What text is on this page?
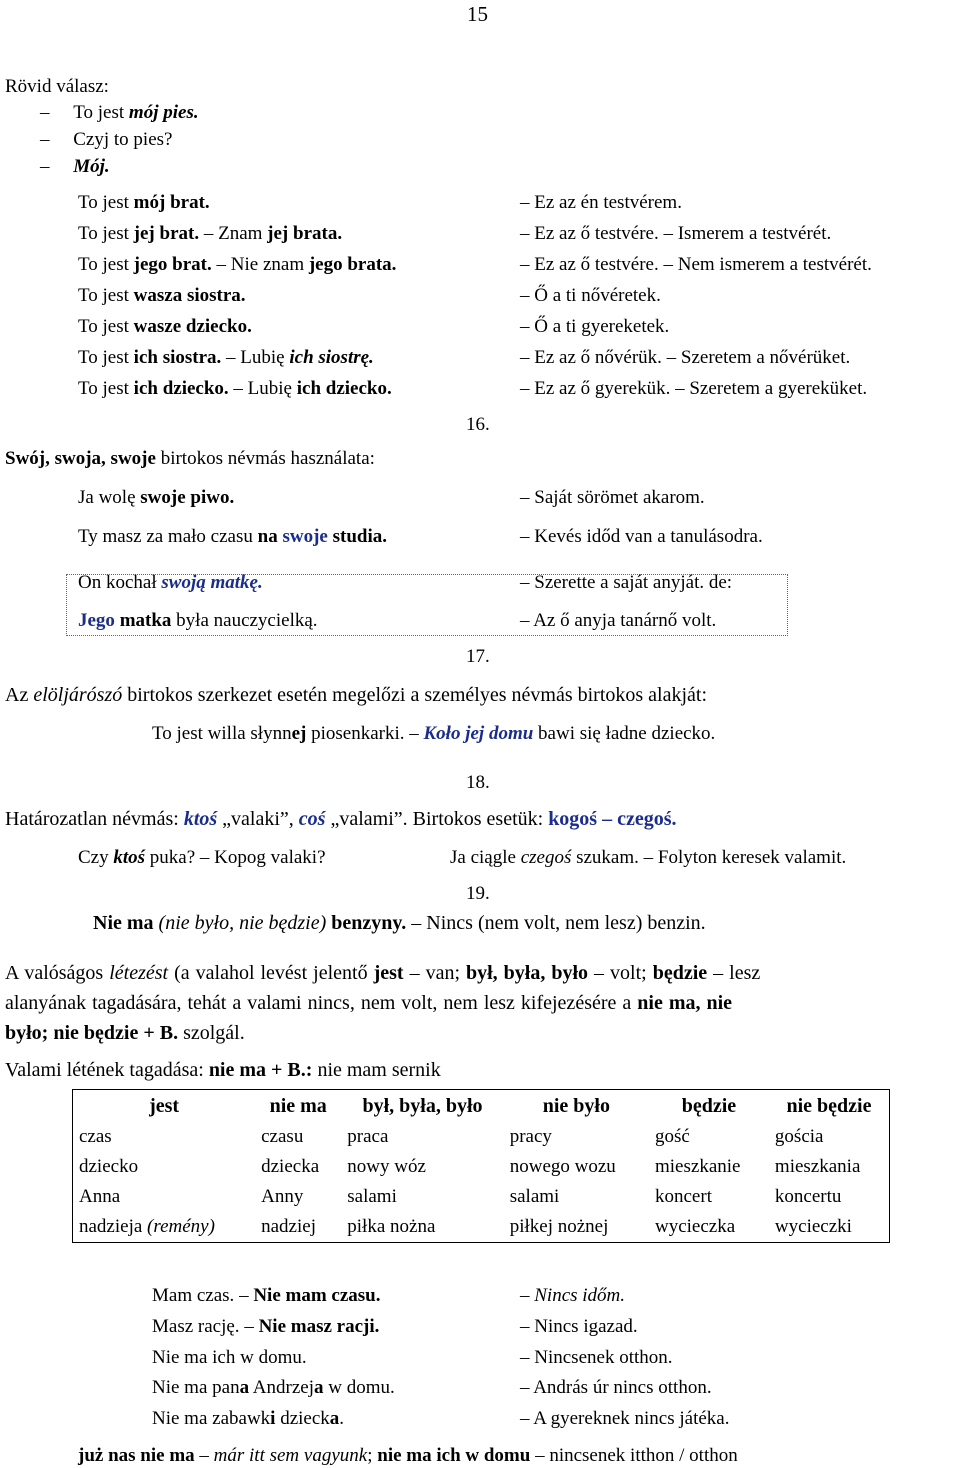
15
Rövid válasz:
–     To jest mój pies.
–     Czyj to pies?
–     Mój.
To jest mój brat.	– Ez az én testvérem.
To jest jej brat. – Znam jej brata.	– Ez az ő testvére. – Ismerem a testvérét.
To jest jego brat. – Nie znam jego brata.	– Ez az ő testvére. – Nem ismerem a testvérét.
To jest wasza siostra.	– Ő a ti nővéretek.
To jest wasze dziecko.	– Ő a ti gyereketek.
To jest ich siostra. – Lubię ich siostrę.	– Ez az ő nővérük. – Szeretem a nővérüket.
To jest ich dziecko. – Lubię ich dziecko.	– Ez az ő gyerekük. – Szeretem a gyereküket.
16.
Swój, swoja, swoje birtokos névmás használata:
Ja wolę swoje piwo.	– Saját sörömet akarom.
Ty masz za mało czasu na swoje studia.	– Kevés időd van a tanulásodra.
On kochał swoją matkę.	– Szerette a saját anyját. de:
Jego matka była nauczycielką.	– Az ő anyja tanárnő volt.
17.
Az elöljárószó birtokos szerkezet esetén megelőzi a személyes névmás birtokos alakját:
To jest willa słynnej piosenkarki. – Koło jej domu bawi się ładne dziecko.
18.
Határozatlan névmás: ktoś „valaki”, coś „valami”. Birtokos esetük: kogoś – czegoś.
Czy ktoś puka? – Kopog valaki?	Ja ciągle czegoś szukam. – Folyton keresek valamit.
19.
Nie ma (nie było, nie będzie) benzyny. – Nincs (nem volt, nem lesz) benzin.
A valóságos létezést (a valahol levést jelentő jest – van; był, była, było – volt; będzie – lesz
alanyának tagadására, tehát a valami nincs, nem volt, nem lesz kifejezésére a nie ma, nie
było; nie będzie + B. szolgál.
Valami létének tagadása: nie ma + B.: nie mam sernik
jest	nie ma	był, była, było	nie było	będzie	nie będzie
czas	czasu	praca	pracy	gość	gościa
dziecko	dziecka	nowy wóz	nowego wozu	mieszkanie	mieszkania
Anna	Anny	salami	salami	koncert	koncertu
nadzieja (remény)	nadziej	piłka nożna	piłkej nożnej	wycieczka	wycieczki
Mam czas. – Nie mam czasu.	– Nincs időm.
Masz rację. – Nie masz racji.	– Nincs igazad.
Nie ma ich w domu.	– Nincsenek otthon.
Nie ma pana Andrzeja w domu.	– András úr nincs otthon.
Nie ma zabawki dziecka.	– A gyereknek nincs játéka.
już nas nie ma – már itt sem vagyunk; nie ma ich w domu – nincsenek itthon / otthon
